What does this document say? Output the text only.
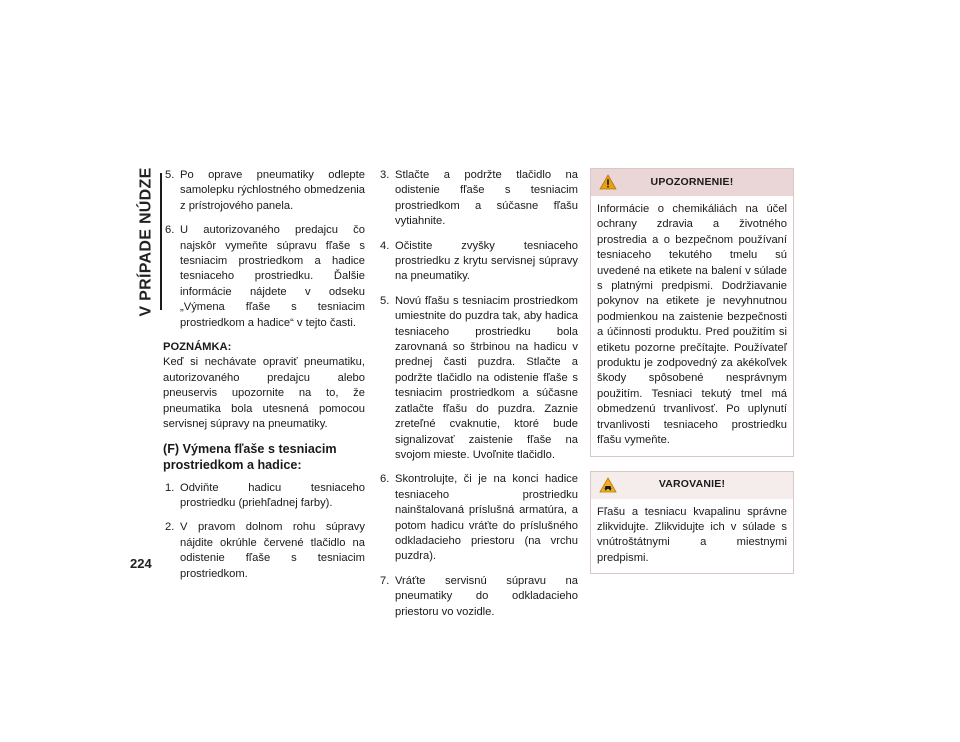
V PRÍPADE NÚDZE 5. Po oprave pneumatiky odlepte samolepku rýchlostného obmedzenia z prístrojového panela.
6. U autorizovaného predajcu čo najskôr vymeňte súpravu fľaše s tesniacim prostriedkom a hadice tesniaceho prostriedku. Ďalšie informácie nájdete v odseku „Výmena fľaše s tesniacim prostriedkom a hadice“ v tejto časti.
POZNÁMKA:

Keď si nechávate opraviť pneumatiku, autorizovaného predajcu alebo pneuservis upozornite na to, že pneumatika bola utesnená pomocou servisnej súpravy na pneumatiky.

(F) Výmena fľaše s tesniacim prostriedkom a hadice:
1. Odviňte hadicu tesniaceho prostriedku (priehľadnej farby).
2. V pravom dolnom rohu súpravy nájdite okrúhle červené tlačidlo na odistenie fľaše s tesniacim prostriedkom.
3. Stlačte a podržte tlačidlo na odistenie fľaše s tesniacim prostriedkom a súčasne fľašu vytiahnite.
4. Očistite zvyšky tesniaceho prostriedku z krytu servisnej súpravy na pneumatiky.
5. Novú fľašu s tesniacim prostriedkom umiestnite do puzdra tak, aby hadica tesniaceho prostriedku bola zarovnaná so štrbinou na hadicu v prednej časti puzdra. Stlačte a podržte tlačidlo na odistenie fľaše s tesniacim prostriedkom a súčasne zatlačte fľašu do puzdra. Zaznie zreteľné cvaknutie, ktoré bude signalizovať zaistenie fľaše na svojom mieste. Uvoľnite tlačidlo.
6. Skontrolujte, či je na konci hadice tesniaceho prostriedku nainštalovaná príslušná armatúra, a potom hadicu vráťte do príslušného odkladacieho priestoru (na vrchu puzdra).
7. Vráťte servisnú súpravu na pneumatiky do odkladacieho priestoru vo vozidle.
UPOZORNENIE!
Informácie o chemikáliách na účel ochrany zdravia a životného prostredia a o bezpečnom používaní tesniaceho tekutého tmelu sú uvedené na etikete na balení v súlade s platnými predpismi. Dodržiavanie pokynov na etikete je nevyhnutnou podmienkou na zaistenie bezpečnosti a účinnosti produktu. Pred použitím si etiketu pozorne prečítajte. Používateľ produktu je zodpovedný za akékoľvek škody spôsobené nesprávnym použitím. Tesniaci tekutý tmel má obmedzenú trvanlivosť. Po uplynutí trvanlivosti tesniaceho prostriedku fľašu vymeňte.
VAROVANIE!
Fľašu a tesniacu kvapalinu správne zlikvidujte. Zlikvidujte ich v súlade s vnútroštátnymi a miestnymi predpismi.
224
